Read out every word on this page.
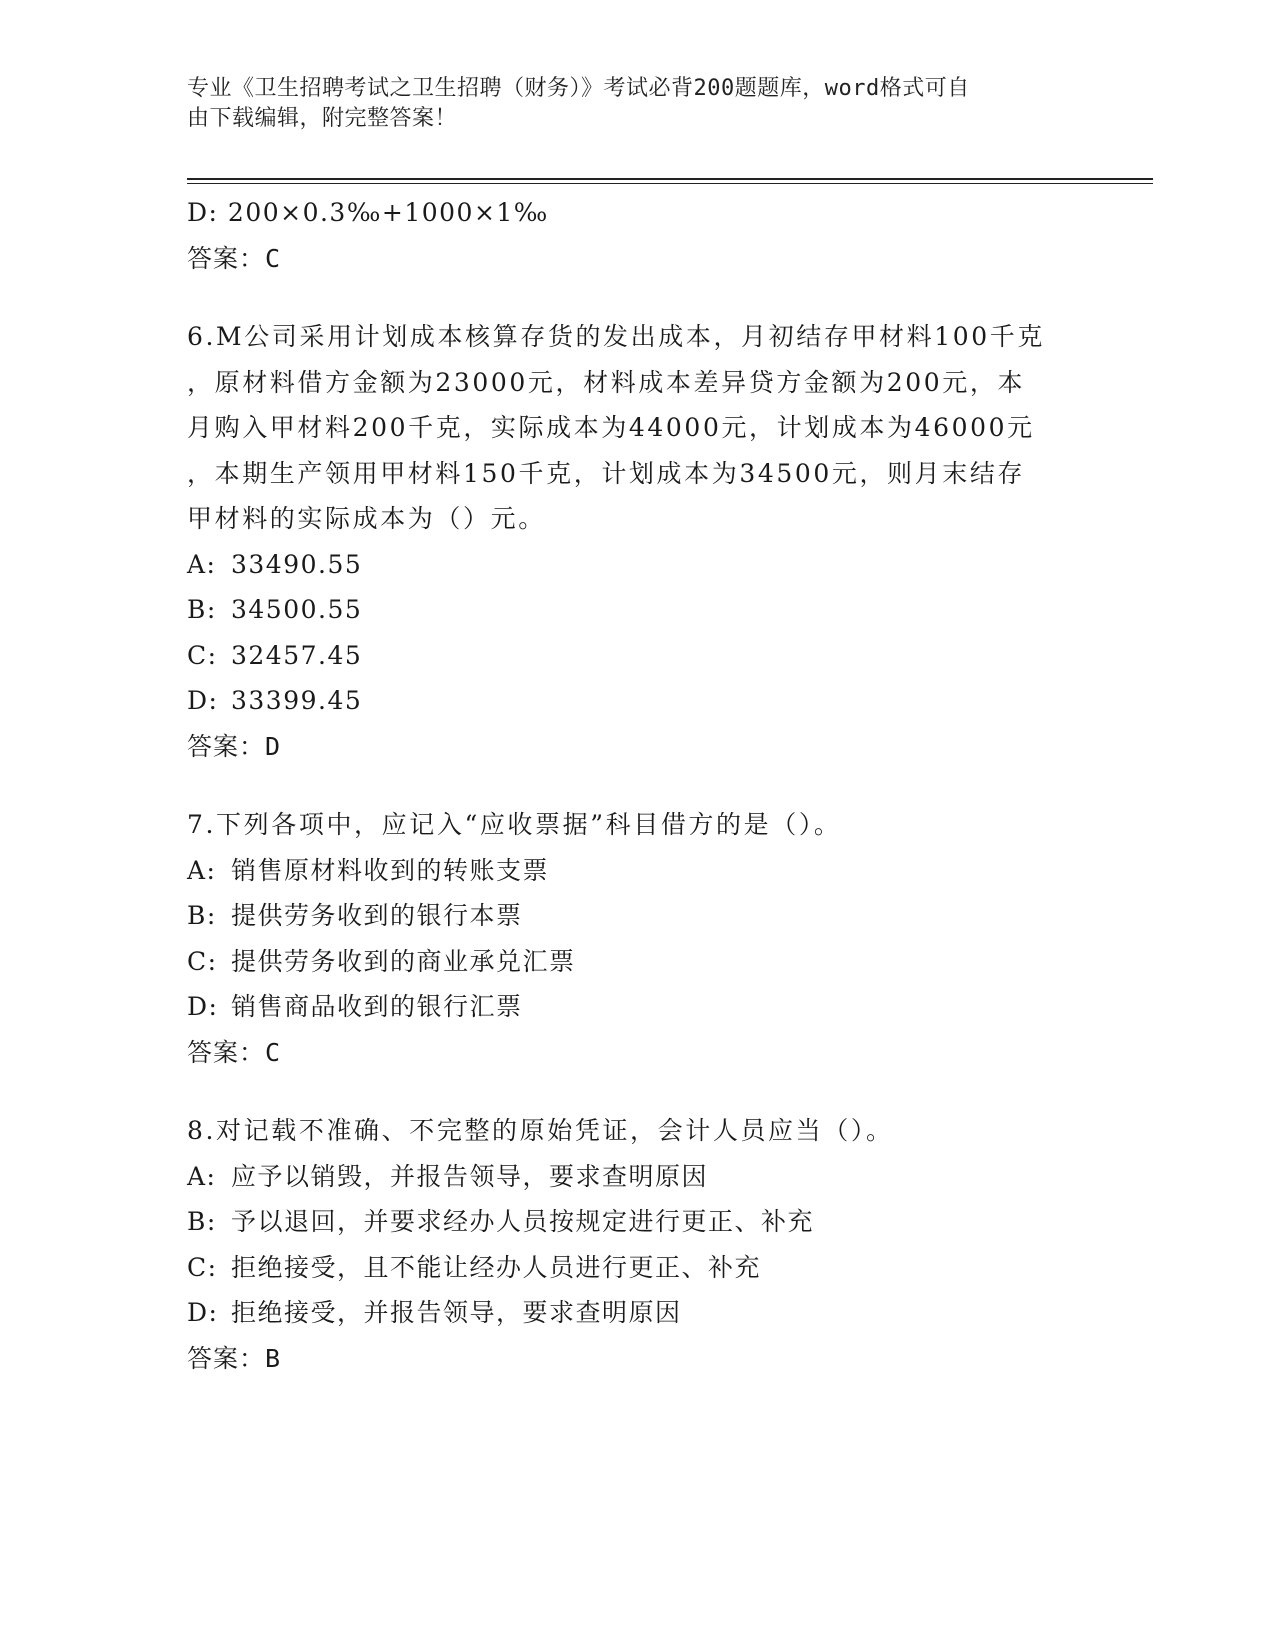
专业《卫生招聘考试之卫生招聘（财务）》考试必背200题题库，word格式可自
由下载编辑，附完整答案！
D: 200×0.3‰+1000×1‰
答案：C
6.M公司采用计划成本核算存货的发出成本，月初结存甲材料100千克
，原材料借方金额为23000元，材料成本差异贷方金额为200元，本
月购入甲材料200千克，实际成本为44000元，计划成本为46000元
，本期生产领用甲材料150千克，计划成本为34500元，则月末结存
甲材料的实际成本为（）元。
A: 33490.55
B: 34500.55
C: 32457.45
D: 33399.45
答案：D
7.下列各项中，应记入“应收票据”科目借方的是（）。
A: 销售原材料收到的转账支票
B: 提供劳务收到的银行本票
C: 提供劳务收到的商业承兑汇票
D: 销售商品收到的银行汇票
答案：C
8.对记载不准确、不完整的原始凭证，会计人员应当（）。
A: 应予以销毁，并报告领导，要求查明原因
B: 予以退回，并要求经办人员按规定进行更正、补充
C: 拒绝接受，且不能让经办人员进行更正、补充
D: 拒绝接受，并报告领导，要求查明原因
答案：B
